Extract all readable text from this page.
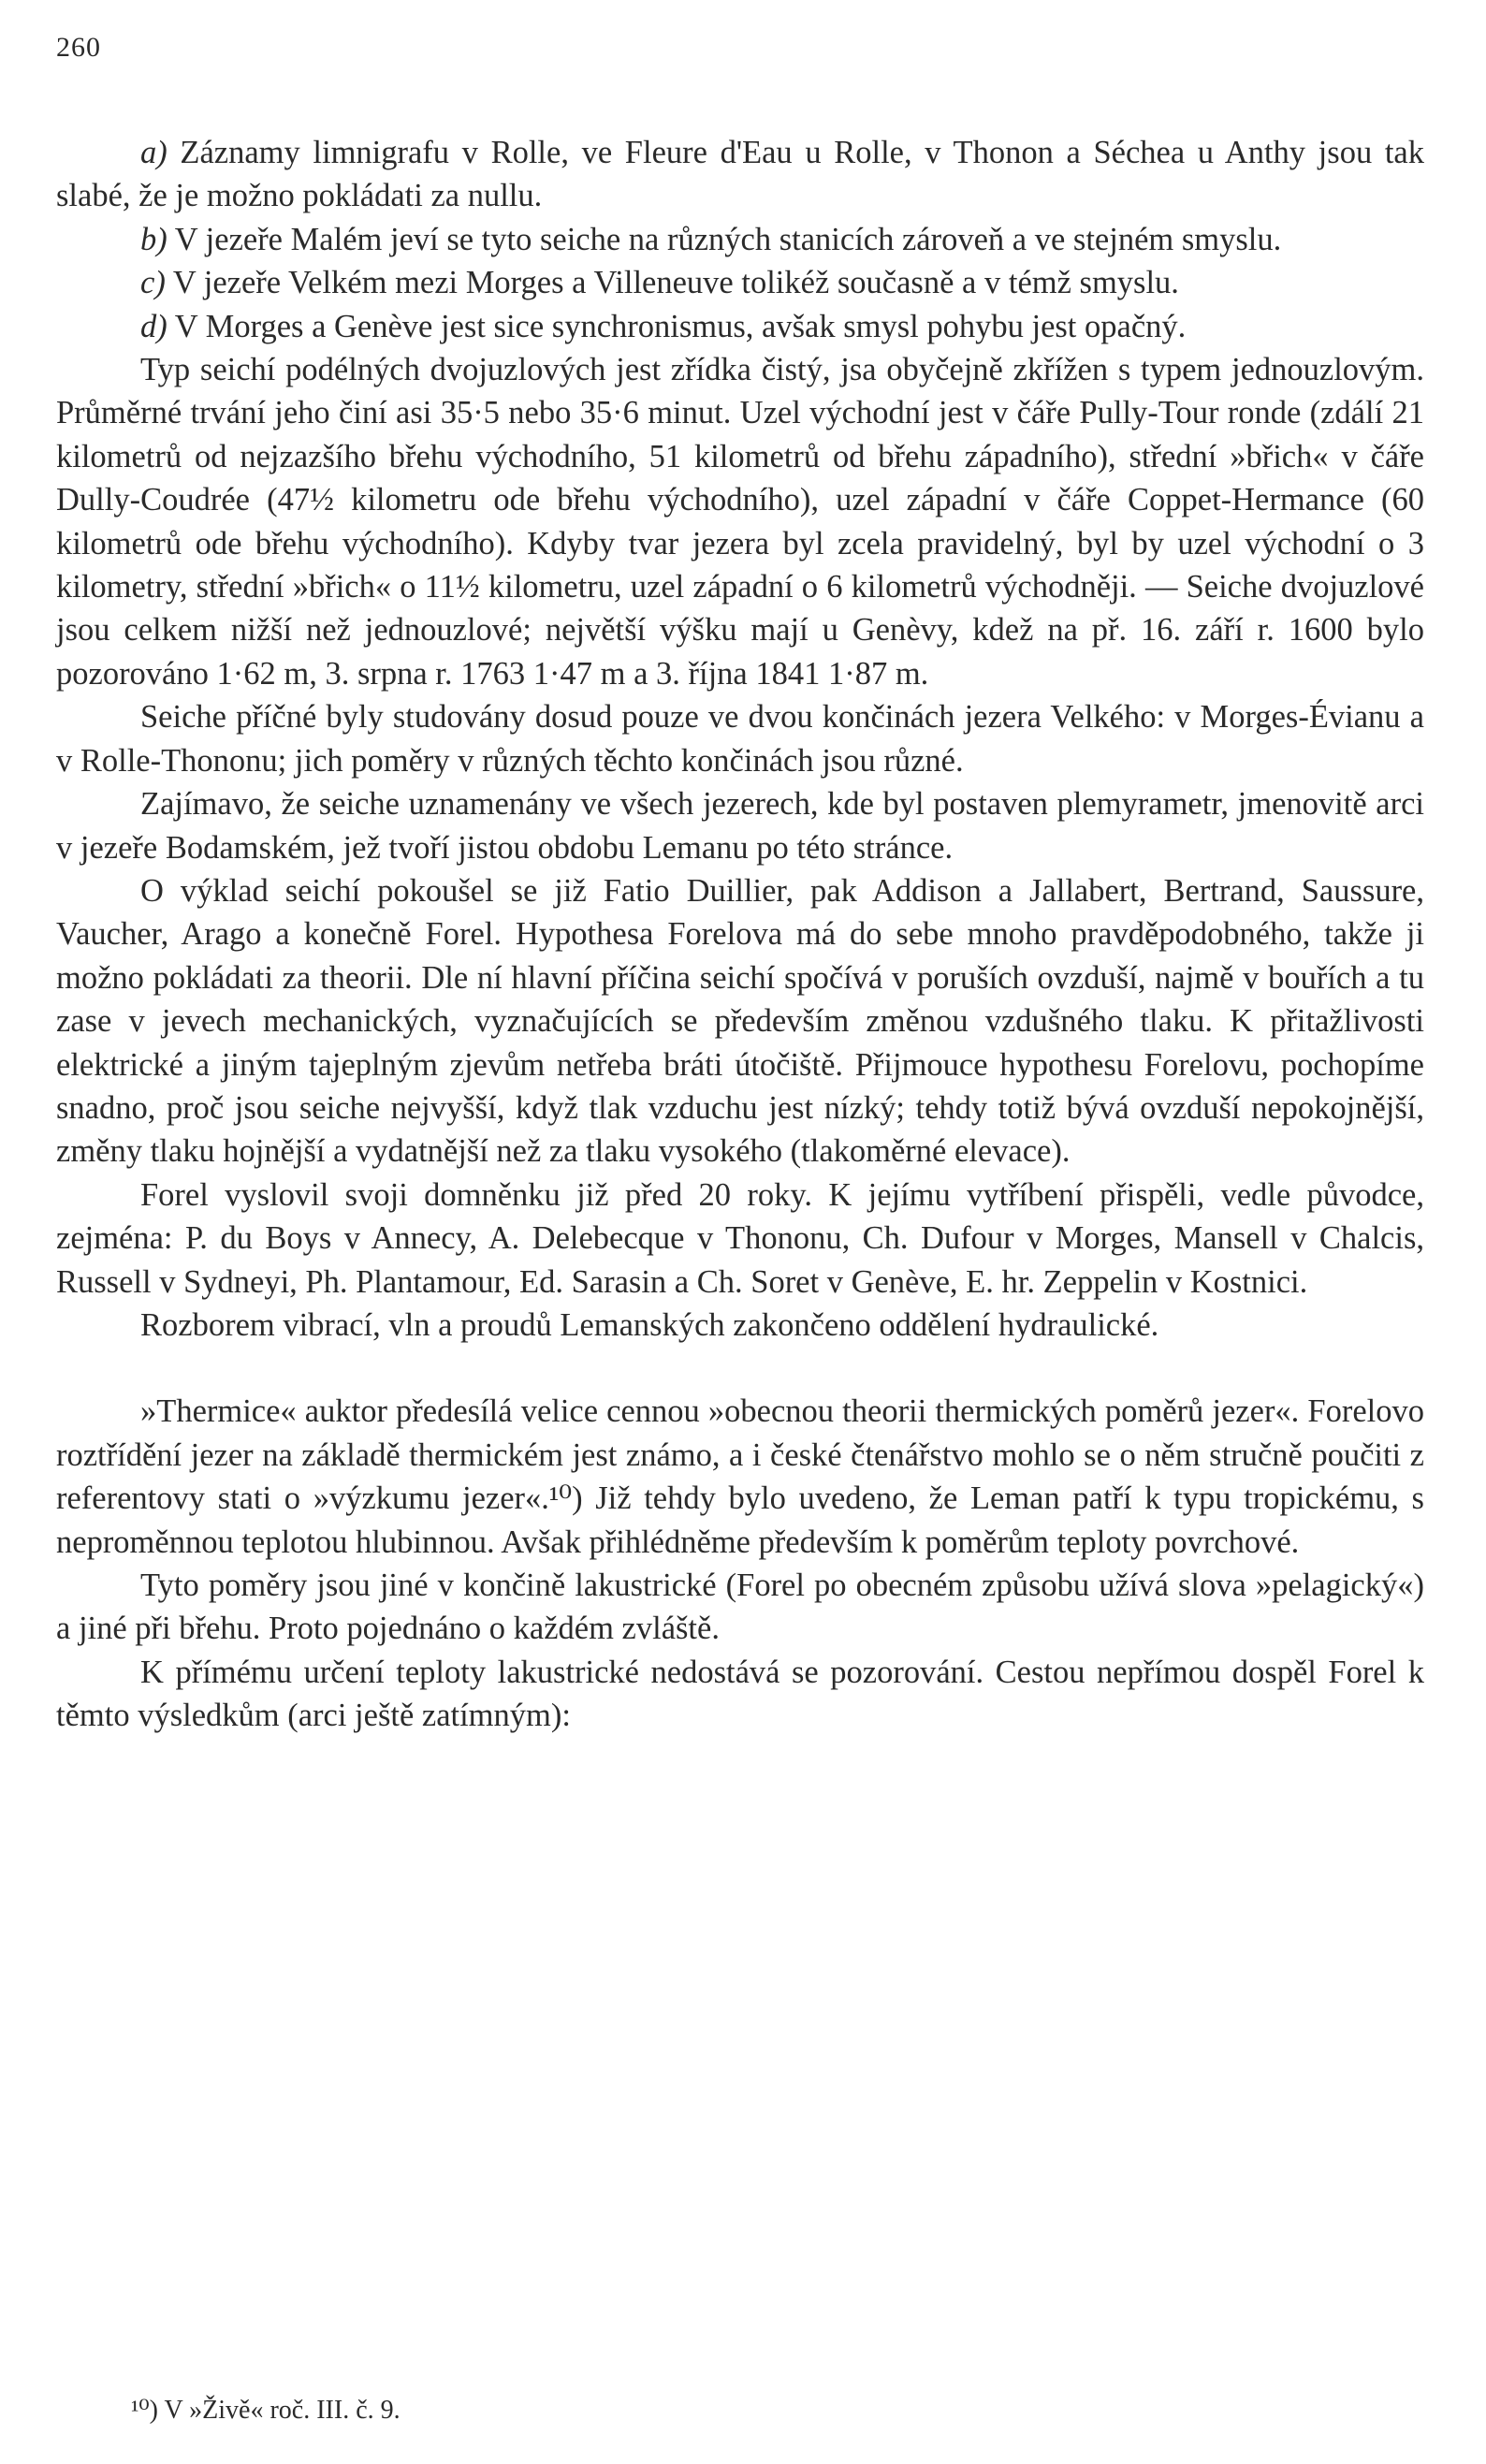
260

a) Záznamy limnigrafu v Rolle, ve Fleure d'Eau u Rolle, v Thonon a Séchea u Anthy jsou tak slabé, že je možno pokládati za nullu.

b) V jezeře Malém jeví se tyto seiche na různých stanicích zároveň a ve stejném smyslu.

c) V jezeře Velkém mezi Morges a Villeneuve tolikéž současně a v témž smyslu.

d) V Morges a Genève jest sice synchronismus, avšak smysl pohybu jest opačný.

Typ seichí podélných dvojuzlových jest zřídka čistý, jsa obyčejně zkřížen s typem jednouzlovým. Průměrné trvání jeho činí asi 35·5 nebo 35·6 minut. Uzel východní jest v čáře Pully-Tour ronde (zdálí 21 kilometrů od nejzazšího břehu východního, 51 kilometrů od břehu západního), střední »břich« v čáře Dully-Coudrée (47½ kilometru ode břehu východního), uzel západní v čáře Coppet-Hermance (60 kilometrů ode břehu východního). Kdyby tvar jezera byl zcela pravidelný, byl by uzel východní o 3 kilometry, střední »břich« o 11½ kilometru, uzel západní o 6 kilometrů východněji. — Seiche dvojuzlové jsou celkem nižší než jednouzlové; největší výšku mají u Genèvy, kdež na př. 16. září r. 1600 bylo pozorováno 1·62 m, 3. srpna r. 1763 1·47 m a 3. října 1841 1·87 m.

Seiche příčné byly studovány dosud pouze ve dvou končinách jezera Velkého: v Morges-Évianu a v Rolle-Thononu; jich poměry v různých těchto končinách jsou různé.

Zajímavo, že seiche uznamenány ve všech jezerech, kde byl postaven plemyrametr, jmenovitě arci v jezeře Bodamském, jež tvoří jistou obdobu Lemanu po této stránce.

O výklad seichí pokoušel se již Fatio Duillier, pak Addison a Jallabert, Bertrand, Saussure, Vaucher, Arago a konečně Forel. Hypothesa Forelova má do sebe mnoho pravděpodobného, takže ji možno pokládati za theorii. Dle ní hlavní příčina seichí spočívá v poruších ovzduší, najmě v bouřích a tu zase v jevech mechanických, vyznačujících se především změnou vzdušného tlaku. K přitažlivosti elektrické a jiným tajeplným zjevům netřeba bráti útočiště. Přijmouce hypothesu Forelovu, pochopíme snadno, proč jsou seiche nejvyšší, když tlak vzduchu jest nízký; tehdy totiž bývá ovzduší nepokojnější, změny tlaku hojnější a vydatnější než za tlaku vysokého (tlakoměrné elevace).

Forel vyslovil svoji domněnku již před 20 roky. K jejímu vytříbení přispěli, vedle původce, zejména: P. du Boys v Annecy, A. Delebecque v Thononu, Ch. Dufour v Morges, Mansell v Chalcis, Russell v Sydneyi, Ph. Plantamour, Ed. Sarasin a Ch. Soret v Genève, E. hr. Zeppelin v Kostnici.

Rozborem vibrací, vln a proudů Lemanských zakončeno oddělení hydraulické.

»Thermice« auktor předesílá velice cennou »obecnou theorii thermických poměrů jezer«. Forelovo roztřídění jezer na základě thermickém jest známo, a i české čtenářstvo mohlo se o něm stručně poučiti z referentovy stati o »výzkumu jezer«.¹⁰) Již tehdy bylo uvedeno, že Leman patří k typu tropickému, s neproměnnou teplotou hlubinnou. Avšak přihlédněme především k poměrům teploty povrchové.

Tyto poměry jsou jiné v končině lakustrické (Forel po obecném způsobu užívá slova »pelagický«) a jiné při břehu. Proto pojednáno o každém zvláště.

K přímému určení teploty lakustrické nedostává se pozorování. Cestou nepřímou dospěl Forel k těmto výsledkům (arci ještě zatímným):

¹⁰) V »Živě« roč. III. č. 9.
